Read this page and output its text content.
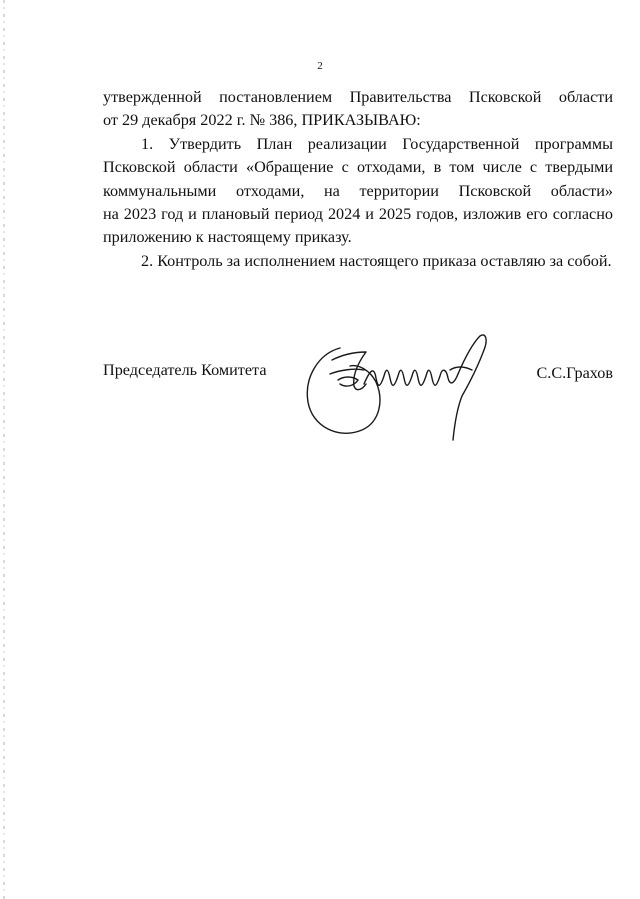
2

утвержденной постановлением Правительства Псковской области

от 29 декабря 2022 г. № 386, ПРИКАЗЫВАЮ:

1. Утвердить План реализации Государственной программы

Псковской области «Обращение с отходами, в том числе с твердыми

коммунальными отходами, на территории Псковской области»

на 2023 год и плановый период 2024 и 2025 годов, изложив его согласно

приложению к настоящему приказу.

2. Контроль за исполнением настоящего приказа оставляю за собой.

Председатель Комитета	С.С.Грахов
